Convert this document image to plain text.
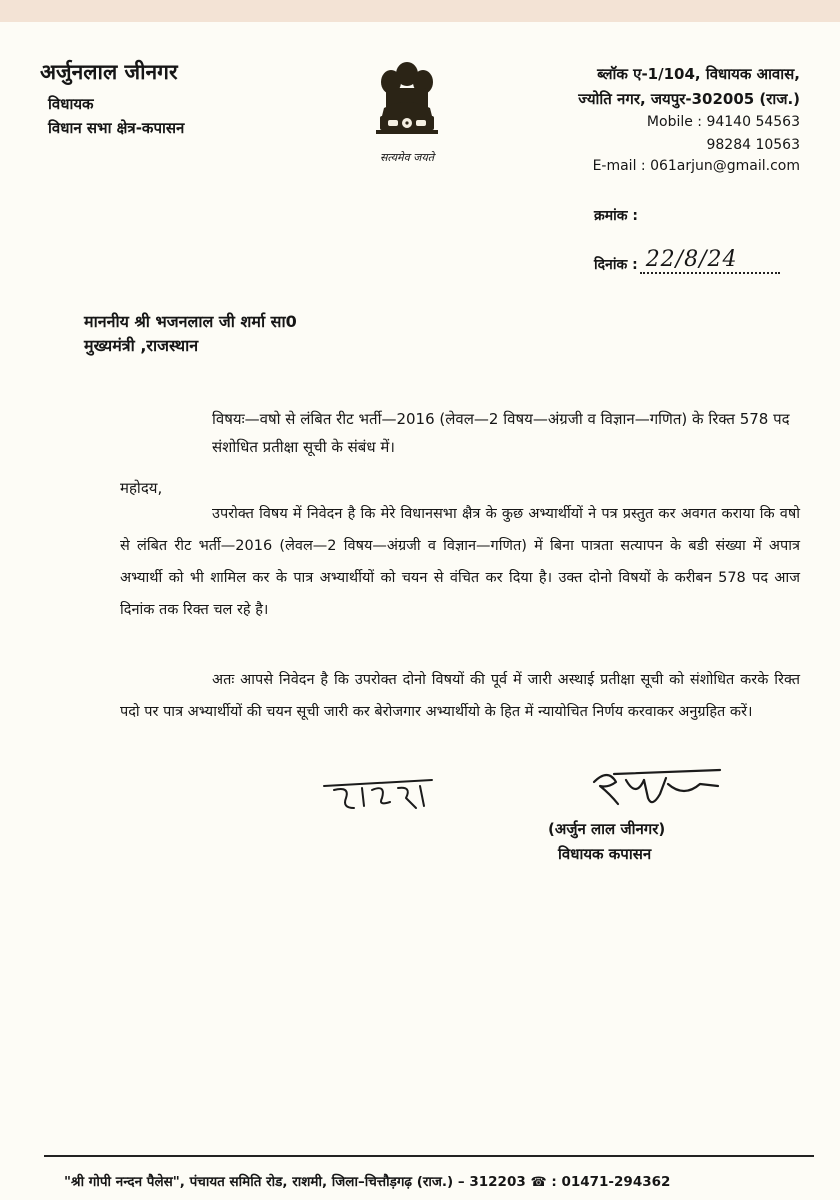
अर्जुनलाल जीनगर
विधायक
विधान सभा क्षेत्र-कपासन
सत्यमेव जयते
ब्लॉक ए-1/104, विधायक आवास,
ज्योति नगर, जयपुर-302005 (राज.)
Mobile : 94140 54563
98284 10563
E-mail : 061arjun@gmail.com
क्रमांक :
दिनांक : 22/8/24
माननीय श्री भजनलाल जी शर्मा सा0
मुख्यमंत्री ,राजस्थान
विषयः—वषो से लंबित रीट भर्ती—2016 (लेवल—2 विषय—अंग्रजी व विज्ञान—गणित) के रिक्त 578 पद संशोधित प्रतीक्षा सूची के संबंध में।
महोदय,
उपरोक्त विषय में निवेदन है कि मेरे विधानसभा क्षैत्र के कुछ अभ्यार्थीयों ने पत्र प्रस्तुत कर अवगत कराया कि वषो से लंबित रीट भर्ती—2016 (लेवल—2 विषय—अंग्रजी व विज्ञान—गणित) में बिना पात्रता सत्यापन के बडी संख्या में अपात्र अभ्यार्थी को भी शामिल कर के पात्र अभ्यार्थीयों को चयन से वंचित कर दिया है। उक्त दोनो विषयों के करीबन 578 पद आज दिनांक तक रिक्त चल रहे है।
अतः आपसे निवेदन है कि उपरोक्त दोनो विषयों की पूर्व में जारी अस्थाई प्रतीक्षा सूची को संशोधित करके रिक्त पदो पर पात्र अभ्यार्थीयों की चयन सूची जारी कर बेरोजगार अभ्यार्थीयो के हित में न्यायोचित निर्णय करवाकर अनुग्रहित करें।
(अर्जुन लाल जीनगर)
विधायक कपासन
"श्री गोपी नन्दन पैलेस", पंचायत समिति रोड, राशमी, जिला–चित्तौड़गढ़ (राज.) – 312203 ☎ : 01471-294362
